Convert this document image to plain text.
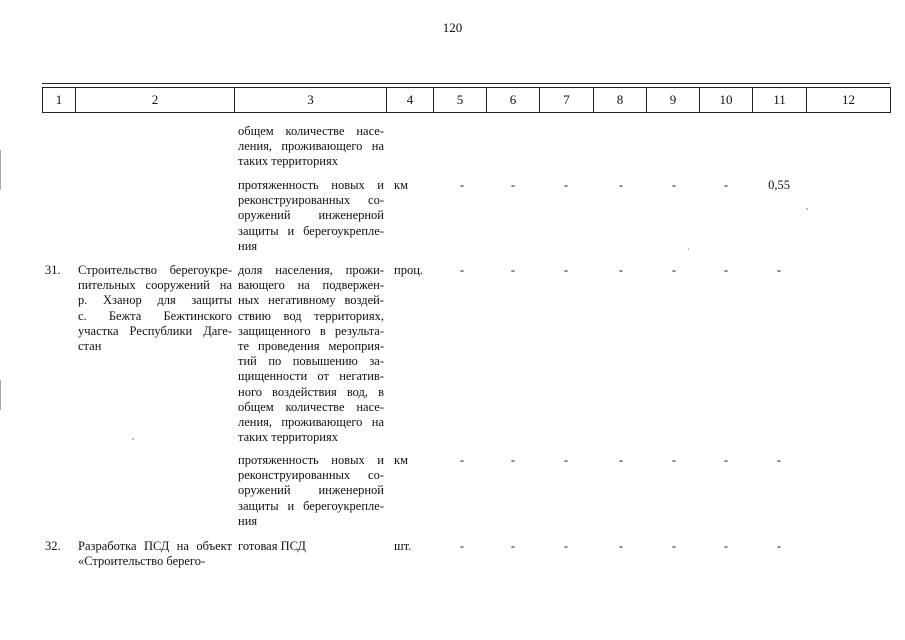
120
1	2	3	4	5	6	7	8	9	10	11	12
общем количестве насе-
ления, проживающего на
таких территориях
протяженность новых и
реконструированных со-
оружений инженерной
защиты и берегоукрепле-
ния
км	-	-	-	-	-	-	0,55
31.	Строительство берегоукре-
пительных сооружений на
р. Хзанор для защиты
с. Бежта Бежтинского
участка Республики Даге-
стан
доля населения, прожи-
вающего на подвержен-
ных негативному воздей-
ствию вод территориях,
защищенного в результа-
те проведения мероприя-
тий по повышению за-
щищенности от негатив-
ного воздействия вод, в
общем количестве насе-
ления, проживающего на
таких территориях
проц.	-	-	-	-	-	-	-
протяженность новых и
реконструированных со-
оружений инженерной
защиты и берегоукрепле-
ния
км	-	-	-	-	-	-	-
32.	Разработка ПСД на объект
«Строительство берего-
готовая ПСД	шт.	-	-	-	-	-	-	-
